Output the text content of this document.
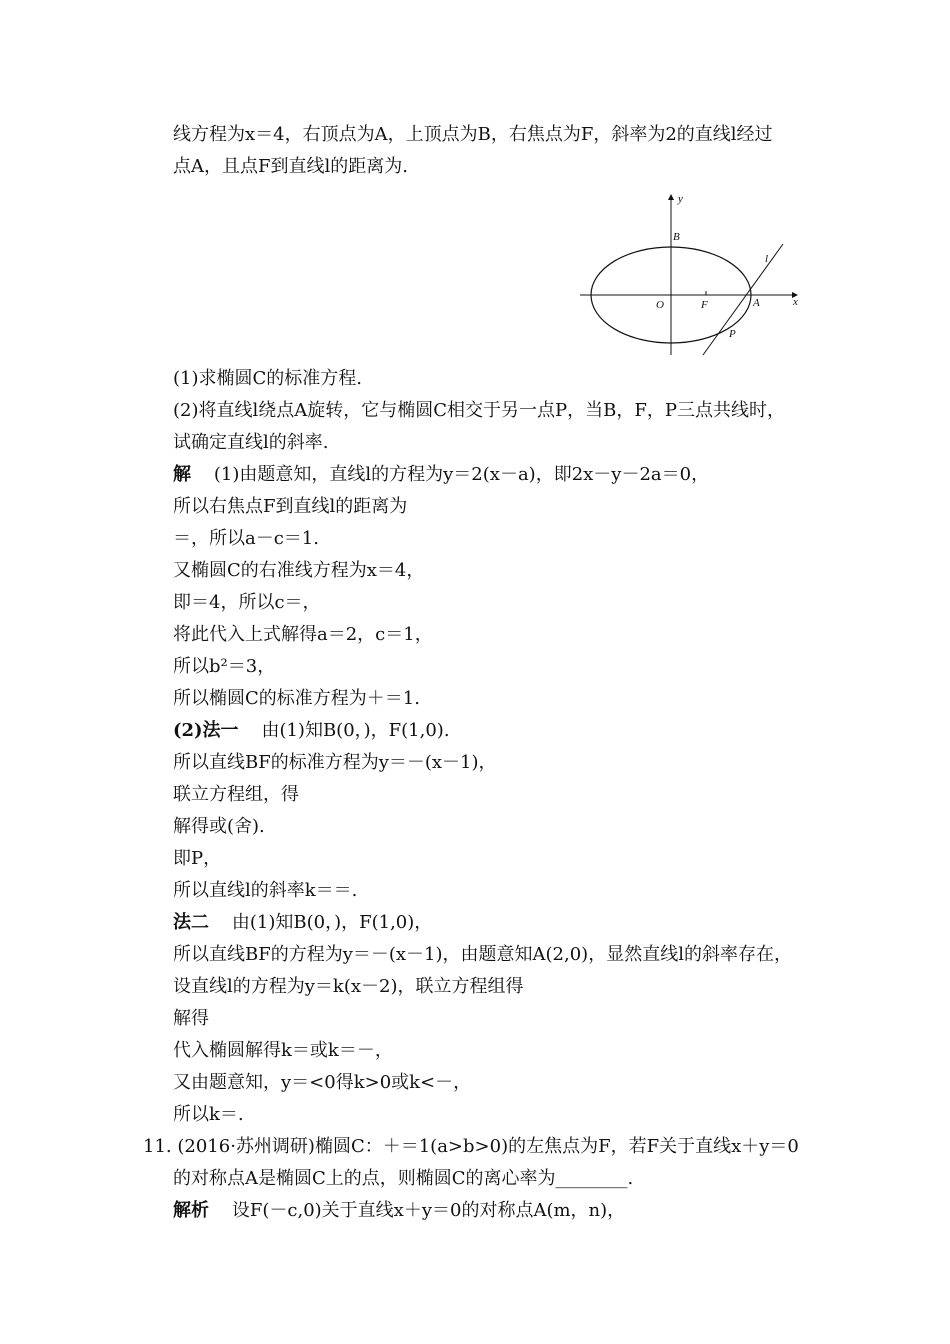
线方程为x＝4，右顶点为A，上顶点为B，右焦点为F，斜率为2的直线l经过
点A，且点F到直线l的距离为.
y
x
O	F	A
B
P
l
(1)求椭圆C的标准方程.
(2)将直线l绕点A旋转，它与椭圆C相交于另一点P，当B，F，P三点共线时，
试确定直线l的斜率.
解 (1)由题意知，直线l的方程为y＝2(x－a)，即2x－y－2a＝0，
所以右焦点F到直线l的距离为
＝，所以a－c＝1.
又椭圆C的右准线方程为x＝4，
即＝4，所以c＝，
将此代入上式解得a＝2，c＝1，
所以b²＝3，
所以椭圆C的标准方程为＋＝1.
(2)法一 由(1)知B(0，)，F(1,0).
所以直线BF的标准方程为y＝－(x－1)，
联立方程组，得
解得或(舍).
即P，
所以直线l的斜率k＝＝.
法二 由(1)知B(0，)，F(1,0)，
所以直线BF的方程为y＝－(x－1)，由题意知A(2,0)，显然直线l的斜率存在，
设直线l的方程为y＝k(x－2)，联立方程组得
解得
代入椭圆解得k＝或k＝－，
又由题意知，y＝<0得k>0或k<－，
所以k＝.
11. (2016·苏州调研)椭圆C：＋＝1(a>b>0)的左焦点为F，若F关于直线x＋y＝0
的对称点A是椭圆C上的点，则椭圆C的离心率为________.
解析 设F(－c,0)关于直线x＋y＝0的对称点A(m，n)，
